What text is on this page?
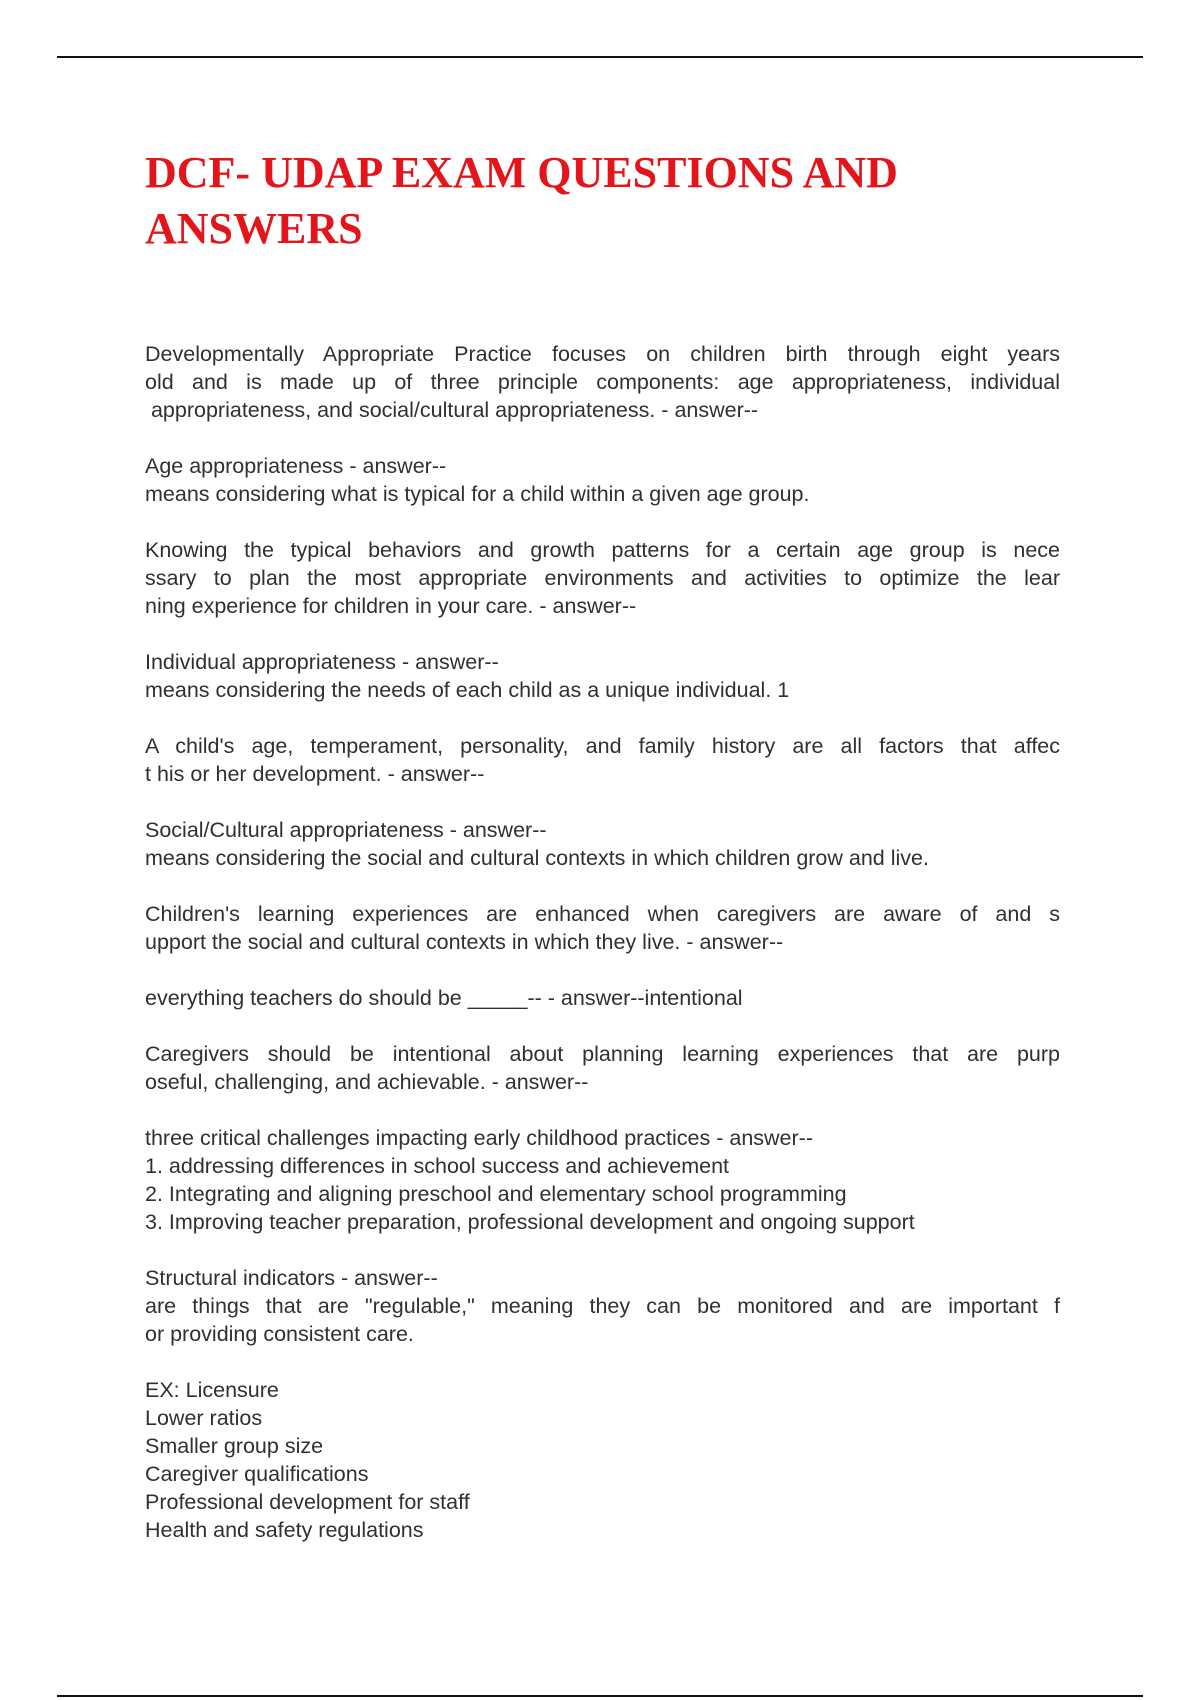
DCF- UDAP EXAM QUESTIONS AND ANSWERS
Developmentally Appropriate Practice focuses on children birth through eight years
old and is made up of three principle components: age appropriateness, individual
appropriateness, and social/cultural appropriateness. - answer--
Age appropriateness - answer--
means considering what is typical for a child within a given age group.
Knowing the typical behaviors and growth patterns for a certain age group is nece
ssary to plan the most appropriate environments and activities to optimize the lear
ning experience for children in your care. - answer--
Individual appropriateness - answer--
means considering the needs of each child as a unique individual. 1
A child's age, temperament, personality, and family history are all factors that affec
t his or her development. - answer--
Social/Cultural appropriateness - answer--
means considering the social and cultural contexts in which children grow and live.
Children's learning experiences are enhanced when caregivers are aware of and s
upport the social and cultural contexts in which they live. - answer--
everything teachers do should be _____-- - answer--intentional
Caregivers should be intentional about planning learning experiences that are purp
oseful, challenging, and achievable. - answer--
three critical challenges impacting early childhood practices - answer--
1. addressing differences in school success and achievement
2. Integrating and aligning preschool and elementary school programming
3. Improving teacher preparation, professional development and ongoing support
Structural indicators - answer--
are things that are "regulable," meaning they can be monitored and are important f
or providing consistent care.
EX: Licensure
Lower ratios
Smaller group size
Caregiver qualifications
Professional development for staff
Health and safety regulations
